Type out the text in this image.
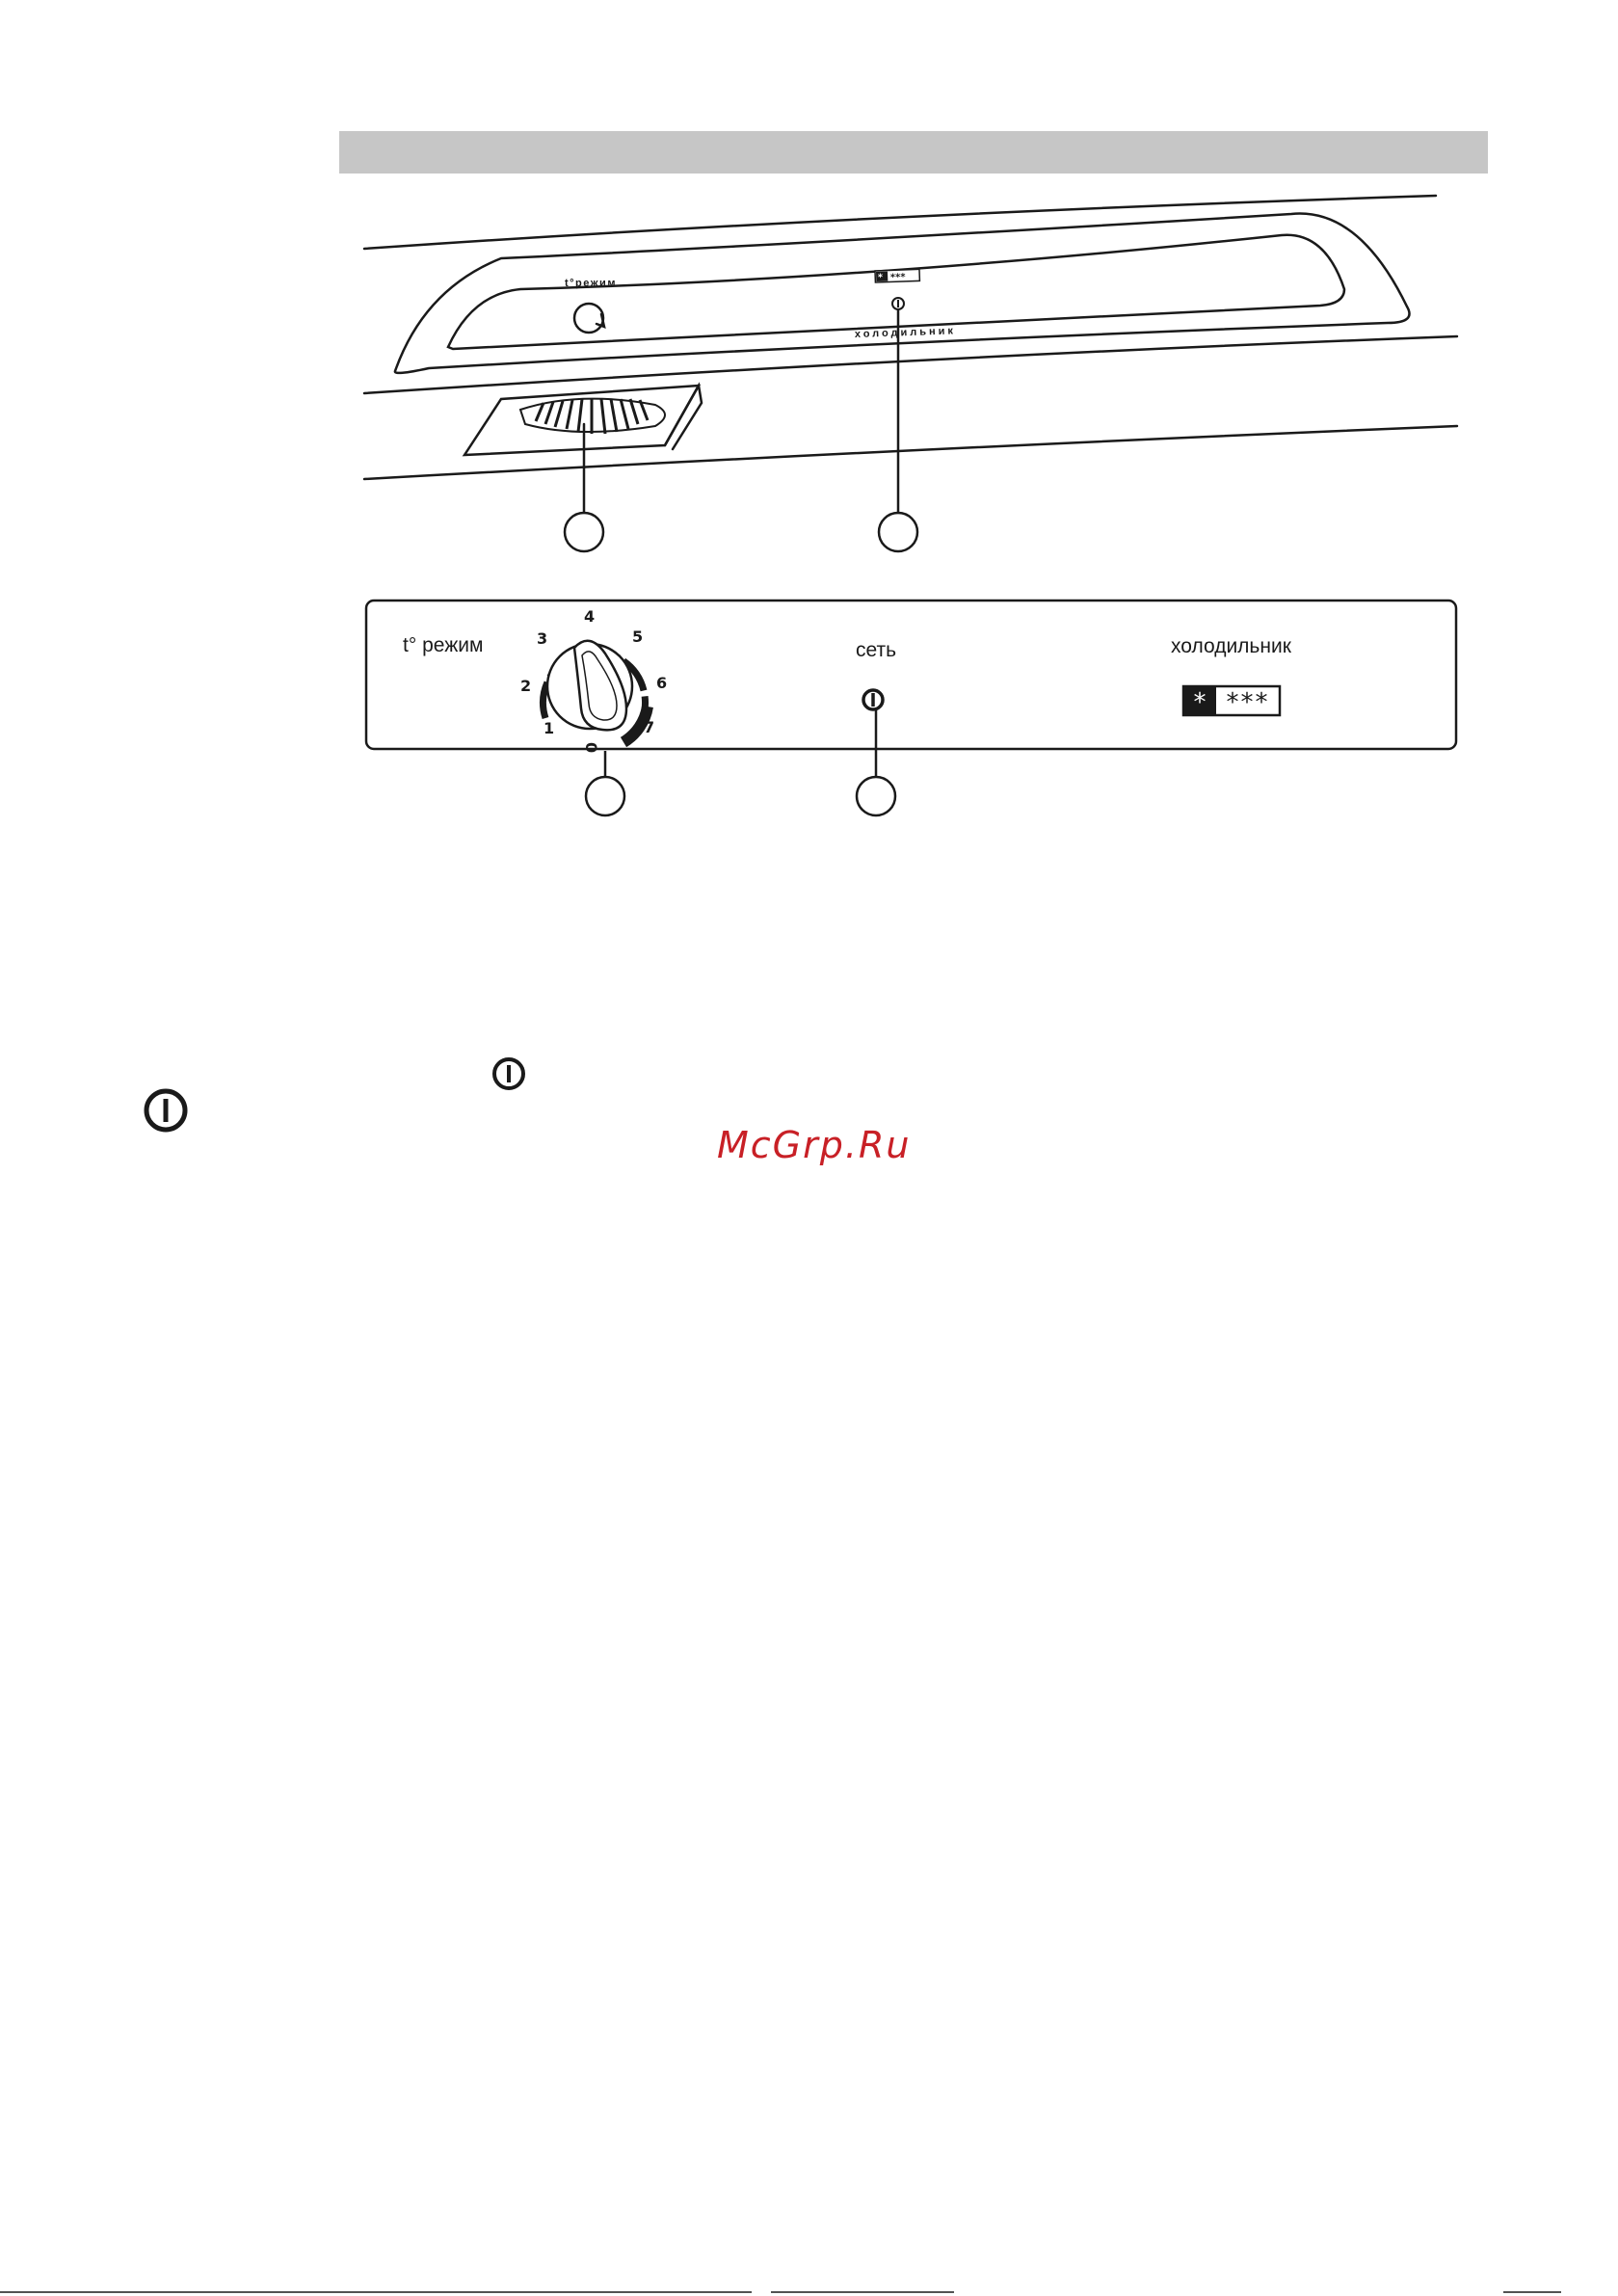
t°режим
холодильник
* ***
t° режим	сеть	холодильник
1
2
3
4
5
6
7
0
* ***
McGrp.Ru
